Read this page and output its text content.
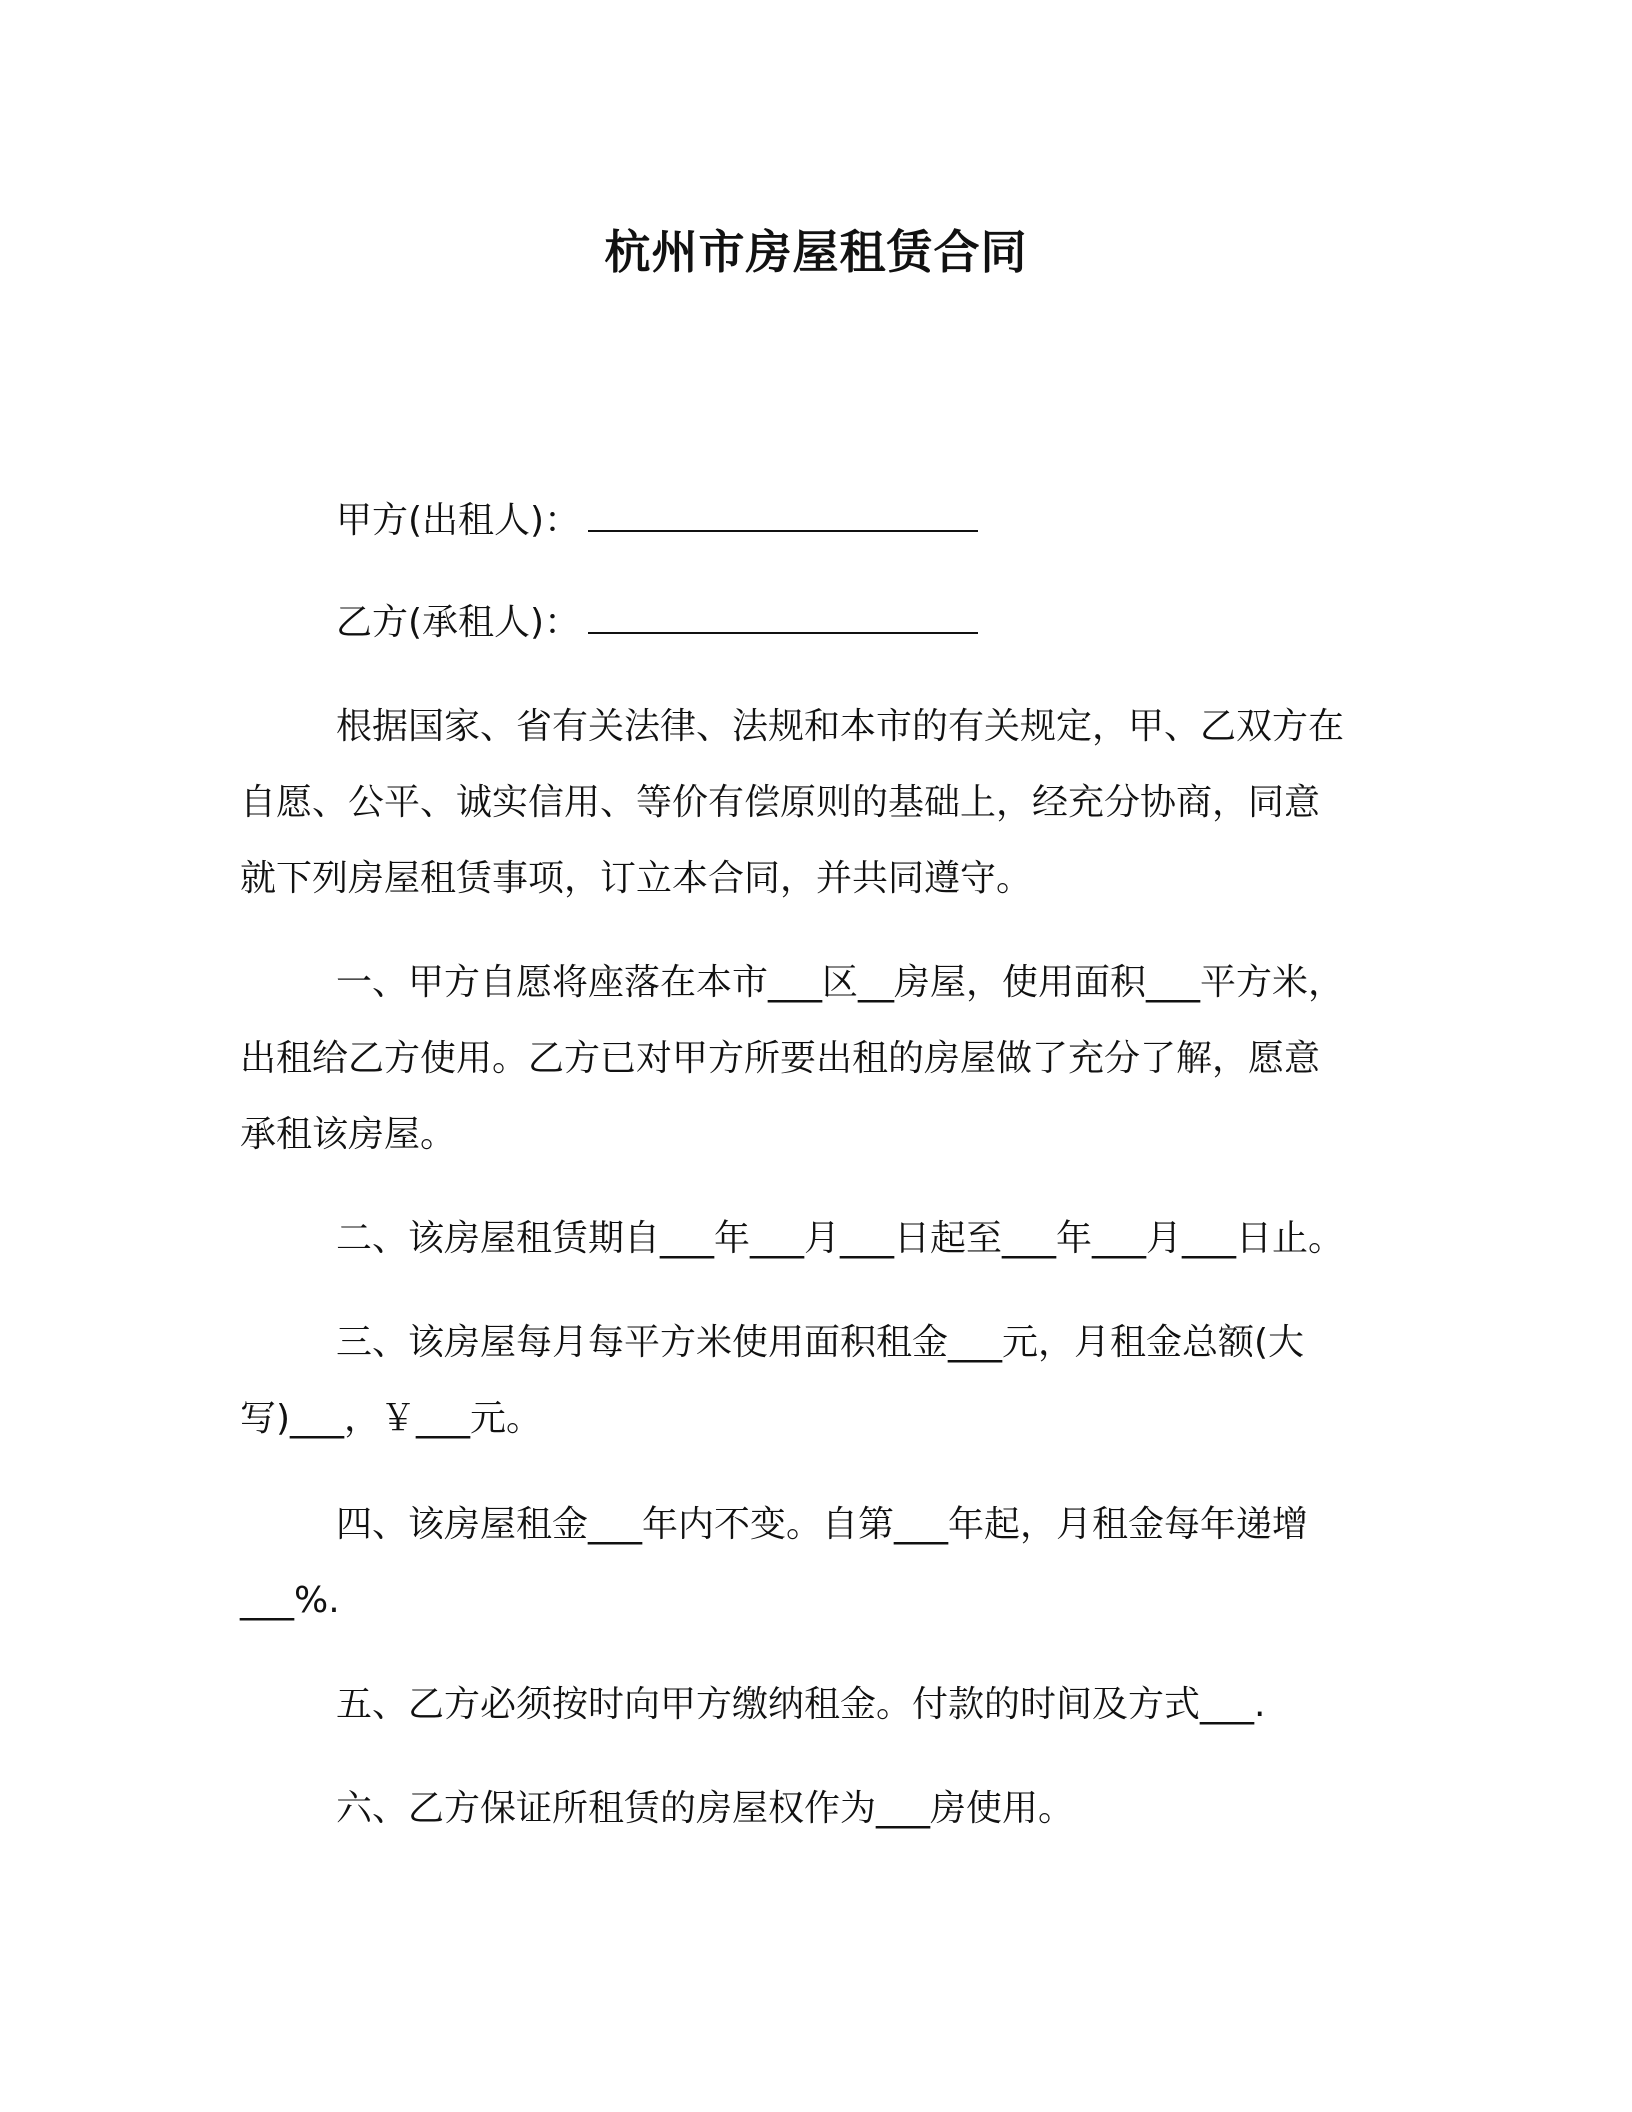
杭州市房屋租赁合同

甲方(出租人)：

乙方(承租人)：

根据国家、省有关法律、法规和本市的有关规定，甲、乙双方在

自愿、公平、诚实信用、等价有偿原则的基础上，经充分协商，同意

就下列房屋租赁事项，订立本合同，并共同遵守。

一、甲方自愿将座落在本市___区__房屋，使用面积___平方米，

出租给乙方使用。乙方已对甲方所要出租的房屋做了充分了解，愿意

承租该房屋。

二、该房屋租赁期自___年___月___日起至___年___月___日止。

三、该房屋每月每平方米使用面积租金___元，月租金总额(大

写)___，￥___元。

四、该房屋租金___年内不变。自第___年起，月租金每年递增

___%.

五、乙方必须按时向甲方缴纳租金。付款的时间及方式___.

六、乙方保证所租赁的房屋权作为___房使用。
